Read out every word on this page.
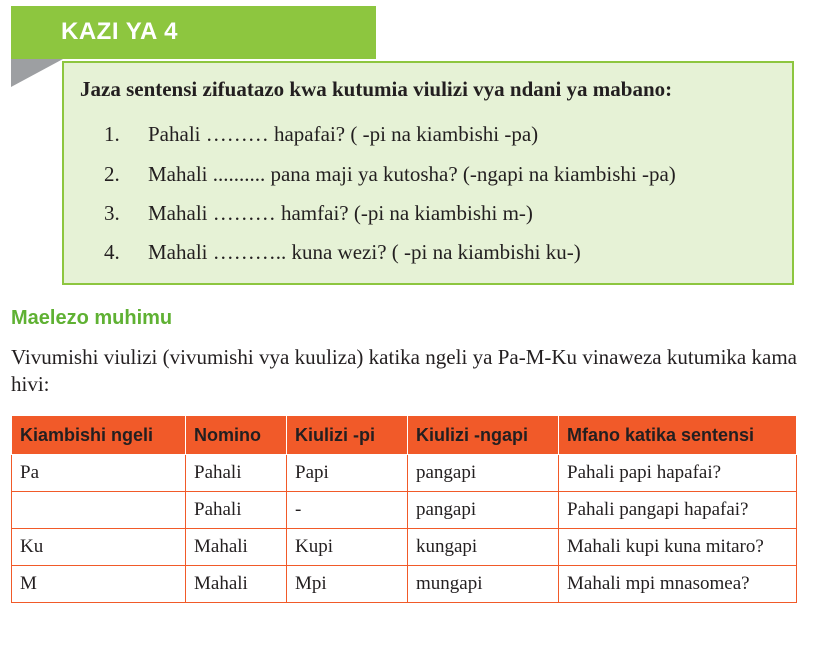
KAZI YA 4
Jaza sentensi zifuatazo kwa kutumia viulizi vya ndani ya mabano:
1. Pahali ……… hapafai? ( -pi na kiambishi -pa)
2. Mahali .......... pana maji ya kutosha? (-ngapi na kiambishi -pa)
3. Mahali ……… hamfai? (-pi na kiambishi m-)
4. Mahali ……….. kuna wezi? ( -pi na kiambishi ku-)
Maelezo muhimu
Vivumishi viulizi (vivumishi vya kuuliza) katika ngeli ya Pa-M-Ku vinaweza kutumika kama hivi:
Kiambishi ngeli	Nomino	Kiulizi -pi	Kiulizi -ngapi	Mfano katika sentensi
Pa	Pahali	Papi	pangapi	Pahali papi hapafai?
	Pahali	-	pangapi	Pahali pangapi hapafai?
Ku	Mahali	Kupi	kungapi	Mahali kupi kuna mitaro?
M	Mahali	Mpi	mungapi	Mahali mpi mnasomea?
